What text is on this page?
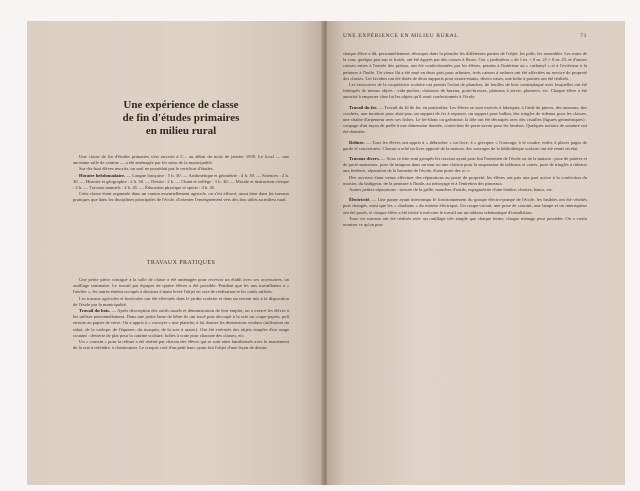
Une expérience de classe
de fin d'études primaires
en milieu rural

Une classe de fin d'études primaires s'est ouverte à C... au début du mois de janvier 1938. Le local — une ancienne salle de cantine — a été aménagée par les soins de la municipalité.

Sur dix-huit élèves inscrits, un seul ne possédait pas le certificat d'études.

Horaire hebdomadaire. — Langue française : 5 h. 30. — Arithmétique et géométrie : 4 h. 30. — Sciences : 2 h. 30. — Histoire et géographie : 2 h. 30. — Dessin : 2 h. — Chant et solfège : 1 h. 30. — Morale et instruction civique : 2 h. — Travaux manuels : 4 h. 45. — Éducation physique et sports : 4 h. 45.

Cette classe étant organisée dans un canton essentiellement agricole, on s'est efforcé, aussi bien dans les travaux pratiques que dans les disciplines principales de l'école, d'orienter l'enseignement vers des fins utiles au milieu rural.

TRAVAUX PRATIQUES

Une petite pièce contiguë à la salle de classe a été aménagée pour recevoir un établi avec ses accessoires, un outillage sommaire. Le travail par équipes de quatre élèves a été possible. Pendant que les uns travaillaient à « l'atelier », les autres étaient occupés à dessiner à main levée l'objet en voie de réalisation et les outils utilisés.

Les travaux agricoles et horticoles ont été effectués dans le jardin scolaire et dans un terrain mis à la disposition de l'école par la municipalité.

Travail du bois. — Après description des outils usuels et démonstration de leur emploi, on a exercé les élèves à les utiliser personnellement. Dans une petite lame de hêtre ils ont tracé puis découpé à la scie un coupe-papier, poli ensuite au papier de verre. On a appris à « corroyer » une planche, à lui donner les dimensions voulues (utilisation du rabot, de la varlope, de l'équerre, du trusquin, de la scie à araser). Ont été exécutés des objets simples d'un usage courant : desserte de plat pour la cantine scolaire, boîtes à craie pour chacune des classes, etc.

Un « coussin » pour la reliure a été réalisé par chacun des élèves qui se sont ainsi familiarisés avec le maniement de la scie à refendre, à chantourner. Le croquis coté d'un petit banc ayant fait l'objet d'une leçon de dessin,

UNE EXPÉRIENCE EN MILIEU RURAL	71

chaque élève a dû, personnellement, découper dans la planche les différentes parties de l'objet, les polir, les assembler. Les murs de la cour, quelque peu nus et froids, ont été égayés par des caisses à fleurs. Ces « jardinières » de 1 m. × 0 m. 25 × 0 m. 25, et d'autres caisses mises à l'entrée des préaux, ont été confectionnées par les élèves, peintes à l'intérieur au « carbonyl » et à l'extérieur à la peinture à l'huile. Un vieux fût a été mué en deux pots pour arbustes, trois caisses à ordures ont été affectées au service de propreté des classes. Les lavabos ont été dotés de deux supports pour essuie-mains, divers vases, une boîte à pointes ont été réalisés.

Les ressources de la coopérative scolaire ont permis l'achat de planches, de feuilles de bois contreplaqué avec lesquelles ont été fabriqués de menus objets : vide-poches, classeurs de bureau, porte-brosses, plateaux à servir, plumiers, etc. Chaque élève a été autorisé à emporter chez lui les objets qu'il avait confectionnés à l'école.

Travail du fer. — Travail du fil de fer, en particulier. Les élèves se sont exercés à fabriquer, à l'aide de pinces, des anneaux, des crochets, une monture pour abat-jour, un support de fer à repasser, un support pour ballon, des tringles de rideaux pour les classes, une chaîne d'arpenteur avec ses fiches. Le fer-blanc ou galvanisé, la tôle ont été découpés avec des cisailles (figures géométriques) : coupage d'un tuyau de poêle à une dimension donnée, confection de porte-savon pour les lavabos. Quelques notions de soudure ont été données.

Reliure. — Tous les élèves ont appris à « débrocher » un livre, à « grecquer » l'ouvrage, à le coudre, enfin, à placer pages de garde et couvertures. Chacun a relié un livre apporté de la maison, des ouvrages de la bibliothèque scolaire ont été remis en état.

Travaux divers. — Sous ce titre sont groupés les travaux ayant pour but l'entretien de l'école ou de la maison : pose de patères et de porte-manteaux, pose de tampons dans un mur ou une cloison pour la suspension de tableaux et cartes, pose de tringles à rideaux aux fenêtres, réparation de la brouette de l'école, d'une porte des w.-c.

Des ouvriers étant venus effectuer des réparations au poste de propreté, les élèves ont pris une part active à la confection du mortier, du badigeon, de la peinture à l'huile, au nettoyage et à l'entretien des pinceaux.

Autres petites réparations : serrure de la grille, manches d'outils, espagnolette d'une fenêtre, chaises, bancs, etc.

Électricité. — Une panne ayant interrompu le fonctionnement du groupe électro-pompe de l'école, les fusibles ont été vérifiés puis changés, ainsi que les « charbons » du moteur électrique. Un coupe-circuit, une prise de courant, une lampe et un interrupteur ont été posés, et chaque élève a été invité à exécuter le travail sur un tableau schématique d'installation.

Tous ces travaux ont été réalisés avec un outillage très simple que chaque ferme, chaque ménage peut posséder. On a voulu montrer ce qu'on pou-
